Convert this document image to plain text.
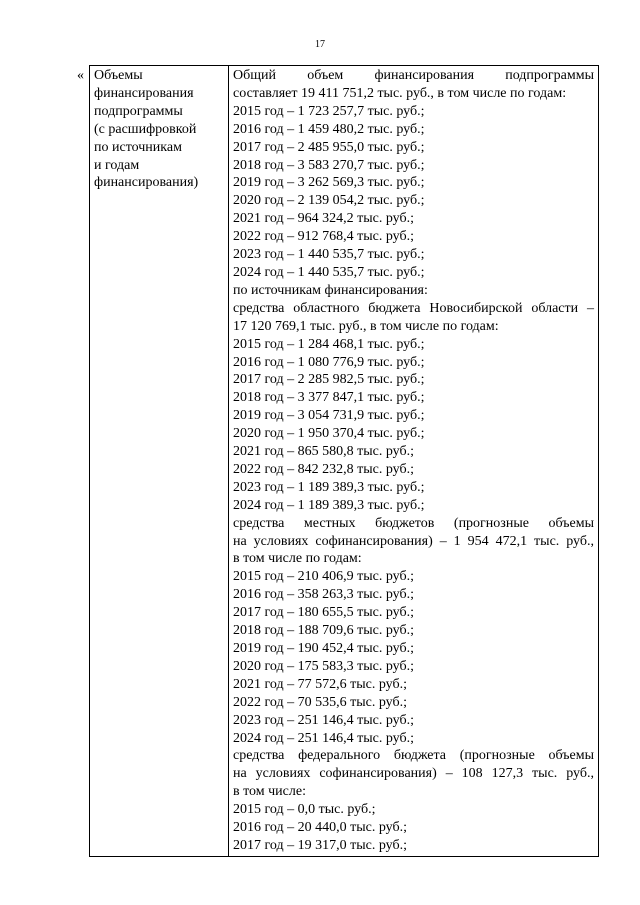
17
« Объемы
финансирования
подпрограммы
(с расшифровкой
по источникам
и годам
финансирования)

Общий объем финансирования подпрограммы
составляет 19 411 751,2 тыс. руб., в том числе по годам:
2015 год – 1 723 257,7 тыс. руб.;
2016 год – 1 459 480,2 тыс. руб.;
2017 год – 2 485 955,0 тыс. руб.;
2018 год – 3 583 270,7 тыс. руб.;
2019 год – 3 262 569,3 тыс. руб.;
2020 год – 2 139 054,2 тыс. руб.;
2021 год – 964 324,2 тыс. руб.;
2022 год – 912 768,4 тыс. руб.;
2023 год – 1 440 535,7 тыс. руб.;
2024 год – 1 440 535,7 тыс. руб.;
по источникам финансирования:
средства областного бюджета Новосибирской области –
17 120 769,1 тыс. руб., в том числе по годам:
2015 год – 1 284 468,1 тыс. руб.;
2016 год – 1 080 776,9 тыс. руб.;
2017 год – 2 285 982,5 тыс. руб.;
2018 год – 3 377 847,1 тыс. руб.;
2019 год – 3 054 731,9 тыс. руб.;
2020 год – 1 950 370,4 тыс. руб.;
2021 год – 865 580,8 тыс. руб.;
2022 год – 842 232,8 тыс. руб.;
2023 год – 1 189 389,3 тыс. руб.;
2024 год – 1 189 389,3 тыс. руб.;
средства местных бюджетов (прогнозные объемы
на условиях софинансирования) – 1 954 472,1 тыс. руб.,
в том числе по годам:
2015 год – 210 406,9 тыс. руб.;
2016 год – 358 263,3 тыс. руб.;
2017 год – 180 655,5 тыс. руб.;
2018 год – 188 709,6 тыс. руб.;
2019 год – 190 452,4 тыс. руб.;
2020 год – 175 583,3 тыс. руб.;
2021 год – 77 572,6 тыс. руб.;
2022 год – 70 535,6 тыс. руб.;
2023 год – 251 146,4 тыс. руб.;
2024 год – 251 146,4 тыс. руб.;
средства федерального бюджета (прогнозные объемы
на условиях софинансирования) – 108 127,3 тыс. руб.,
в том числе:
2015 год – 0,0 тыс. руб.;
2016 год – 20 440,0 тыс. руб.;
2017 год – 19 317,0 тыс. руб.;
